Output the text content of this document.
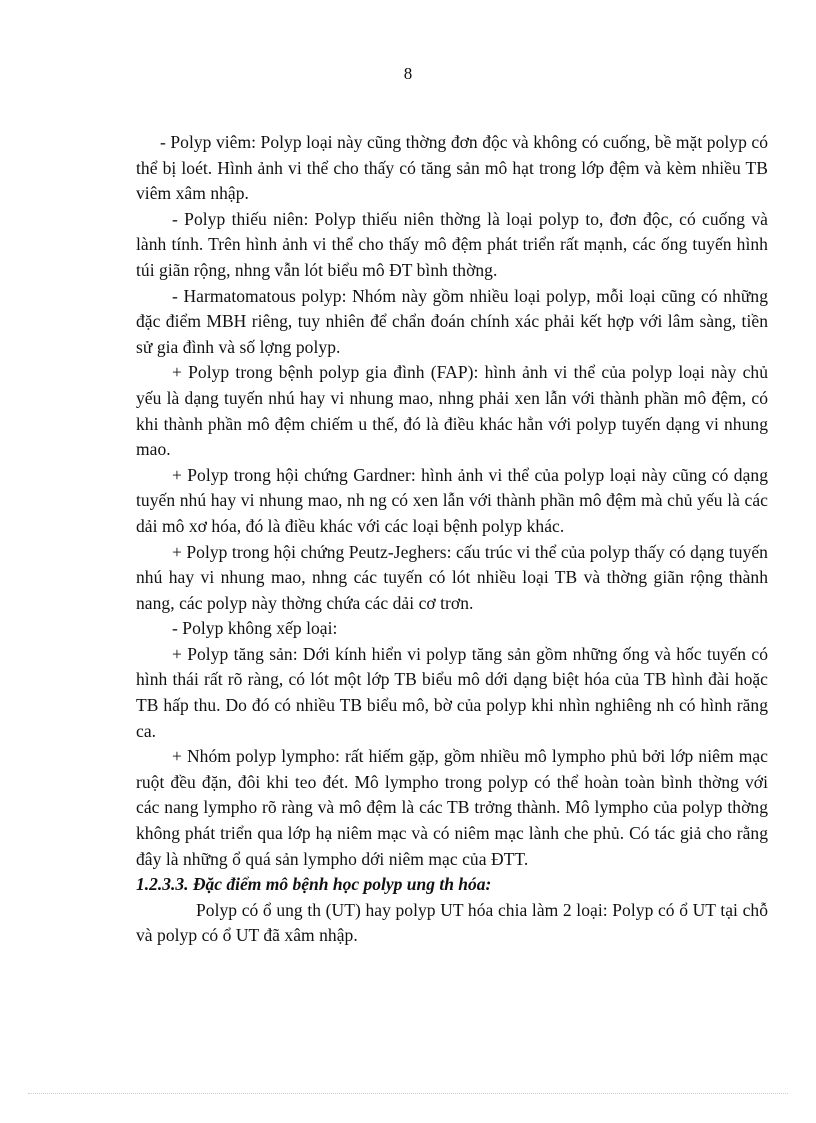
8

- Polyp viêm: Polyp loại này cũng thờng đơn độc và không có cuống, bề mặt polyp có thể bị loét. Hình ảnh vi thể cho thấy có tăng sản mô hạt trong lớp đệm và kèm nhiều TB viêm xâm nhập.

- Polyp thiếu niên: Polyp thiếu niên thờng là loại polyp to, đơn độc, có cuống và lành tính. Trên hình ảnh vi thể cho thấy mô đệm phát triển rất mạnh, các ống tuyến hình túi giãn rộng, nhng vẫn lót biểu mô ĐT bình thờng.

- Harmatomatous polyp: Nhóm này gồm nhiều loại polyp, mỗi loại cũng có những đặc điểm MBH riêng, tuy nhiên để chẩn đoán chính xác phải kết hợp với lâm sàng, tiền sử gia đình và số lợng polyp.

+ Polyp trong bệnh polyp gia đình (FAP): hình ảnh vi thể của polyp loại này chủ yếu là dạng tuyến nhú hay vi nhung mao, nhng phải xen lẫn với thành phần mô đệm, có khi thành phần mô đệm chiếm u thế, đó là điều khác hẳn với polyp tuyến dạng vi nhung mao.

+ Polyp trong hội chứng Gardner: hình ảnh vi thể của polyp loại này cũng có dạng tuyến nhú hay vi nhung mao, nh ng có xen lẫn với thành phần mô đệm mà chủ yếu là các dải mô xơ hóa, đó là điều khác với các loại bệnh polyp khác.

+ Polyp trong hội chứng Peutz-Jeghers: cấu trúc vi thể của polyp thấy có dạng tuyến nhú hay vi nhung mao, nhng các tuyến có lót nhiều loại TB và thờng giãn rộng thành nang, các polyp này thờng chứa các dải cơ trơn.

- Polyp không xếp loại:

+ Polyp tăng sản: Dới kính hiển vi polyp tăng sản gồm những ống và hốc tuyến có hình thái rất rõ ràng, có lót một lớp TB biểu mô dới dạng biệt hóa của TB hình đài hoặc TB hấp thu. Do đó có nhiều TB biểu mô, bờ của polyp khi nhìn nghiêng nh có hình răng ca.

+ Nhóm polyp lympho: rất hiếm gặp, gồm nhiều mô lympho phủ bởi lớp niêm mạc ruột đều đặn, đôi khi teo đét. Mô lympho trong polyp có thể hoàn toàn bình thờng với các nang lympho rõ ràng và mô đệm là các TB trởng thành. Mô lympho của polyp thờng không phát triển qua lớp hạ niêm mạc và có niêm mạc lành che phủ. Có tác giả cho rằng đây là những ổ quá sản lympho dới niêm mạc của ĐTT.

1.2.3.3. Đặc điểm mô bệnh học polyp ung th hóa:

Polyp có ổ ung th (UT) hay polyp UT hóa chia làm 2 loại: Polyp có ổ UT tại chỗ và polyp có ổ UT đã xâm nhập.
